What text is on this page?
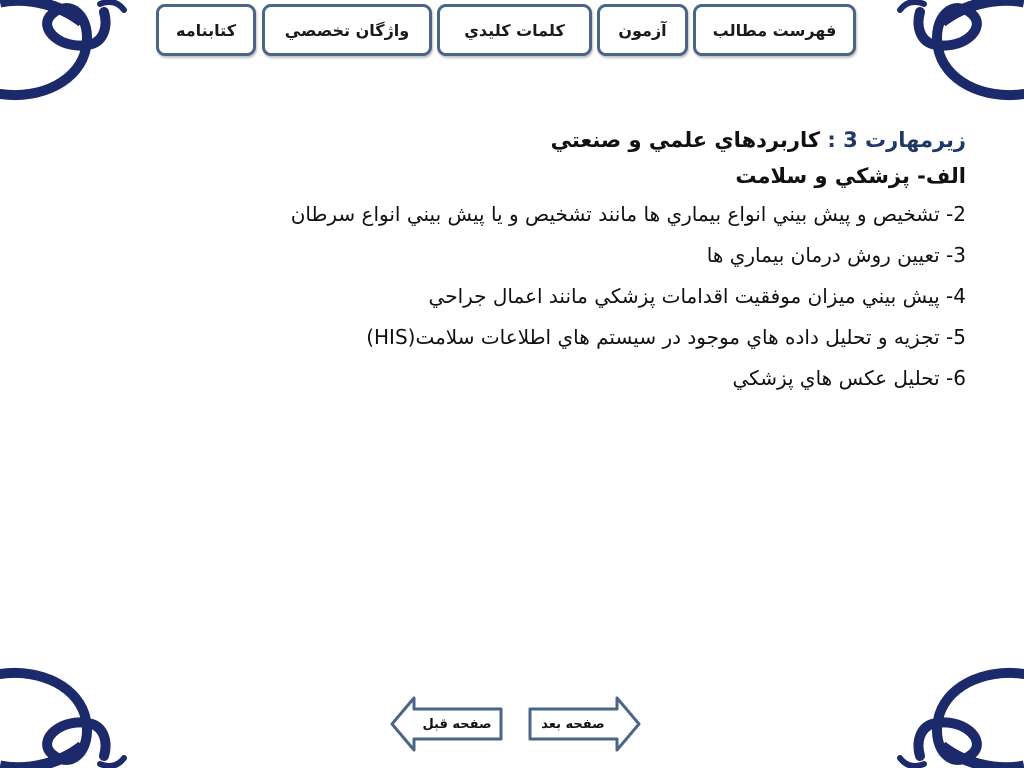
کتابنامه	واژگان تخصصي	كلمات كليدي	آزمون	فهرست مطالب
زيرمهارت 3 : کاربردهاي علمي و صنعتي
الف- پزشكي و سلامت
2- تشخيص و پيش بيني انواع بيماري ها مانند تشخيص و يا پيش بيني انواع سرطان
3- تعيين روش درمان بيماري ها
4- پيش بيني ميزان موفقيت اقدامات پزشكي مانند اعمال جراحي
5- تجزيه و تحليل داده هاي موجود در سيستم هاي اطلاعات سلامت(HIS)
6- تحليل عكس هاي پزشكي
صفحه قبل	صفحه بعد
